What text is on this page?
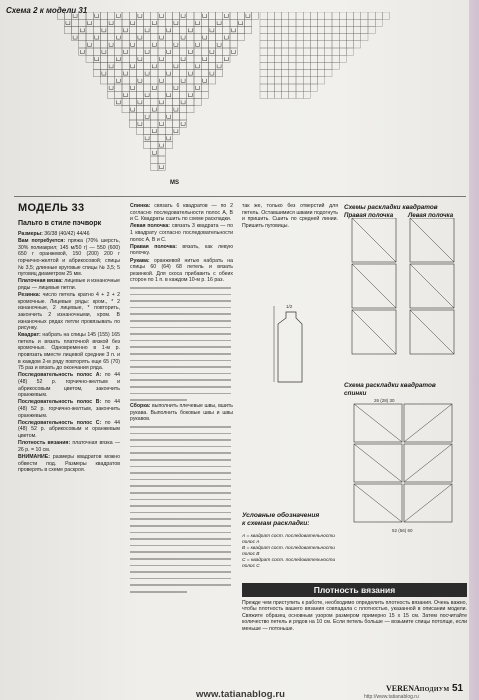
Схема 2 к модели 31
MS
МОДЕЛЬ 33
Пальто в стиле пэчворк

Размеры: 36/38 (40/42) 44/46

Вам потребуется: пряжа (70% шерсть, 30% полиакрил; 145 м/50 г) — 550 (600) 650 г оранжевой, 150 (200) 200 г горчично-желтой и абрикосовой; спицы № 3,5; длинные круговые спицы № 3,5; 5 пуговиц диаметром 25 мм.

Платочная вязка: лицевые и изнаночные ряды — лицевые петли.

Резинка: число петель кратно 4 + 2 + 2 кромочные. Лицевые ряды: кром., * 2 изнаночные, 2 лицевые, * повторить, закончить 2 изнаночными, кром. В изнаночных рядах петли провязывать по рисунку.

Квадрат: набрать на спицы 145 (155) 165 петель и вязать платочной вязкой без кромочных. Одновременно в 1-м р. провязать вместе лицевой средние 3 п. и в каждом 2-м ряду повторять еще 65 (70) 75 раз и вязать до окончания ряда.

Последовательность полос А: по 44 (48) 52 р. горчично-желтым и абрикосовым цветом, закончить оранжевым.

Последовательность полос В: по 44 (48) 52 р. горчично-желтым, закончить оранжевым.

Последовательность полос С: по 44 (48) 52 р. абрикосовым и оранжевым цветом.

Плотность вязания: платочная вязка — 26 р. = 10 см.

ВНИМАНИЕ: размеры квадратов можно обвести под. Размеры квадратов проверять в схеме раскроя.

Спинка: связать 6 квадратов — по 2 согласно последовательности полос А, В и С. Квадраты сшить по схеме раскладки.

Левая полочка: связать 3 квадрата — по 1 квадрату согласно последовательности полос А, В и С.

Правая полочка: вязать, как левую полочку.

Рукава: оранжевой нитью набрать на спицы 60 (64) 68 петель и вязать резинкой. Для скоса прибавить с обеих сторон по 1 п. в каждом 10-м р. 16 раз.

Сборка: выполнить плечевые швы, вшить рукава. Выполнить боковые швы и швы рукавов.

так же, только без отверстий для петель. Оставшимися швами подогнуть и пришить. Сшить по средней линии. Пришить пуговицы.

1/2
Схемы раскладки квадратов
Правая полочка Левая полочка
Схема раскладки квадратов
спинки
26 (28) 30
52 (56) 60
Условные обозначения
к схемам раскладки:
А = квадрат сост. последовательности полос А
В = квадрат сост. последовательности полос В
С = квадрат сост. последовательности полос С
Плотность вязания
Прежде чем приступить к работе, необходимо определить плотность вязания. Очень важно, чтобы плотность вашего вязания совпадала с плотностью, указанной в описании модели. Свяжите образец основным узором размером примерно 15 х 15 см. Затем посчитайте количество петель и рядов на 10 см. Если петель больше — возьмите спицы потолще, если меньше — потоньше.
www.tatianablog.ru
VERENAПОДИУМ 51
http://www.tatianablog.ru
